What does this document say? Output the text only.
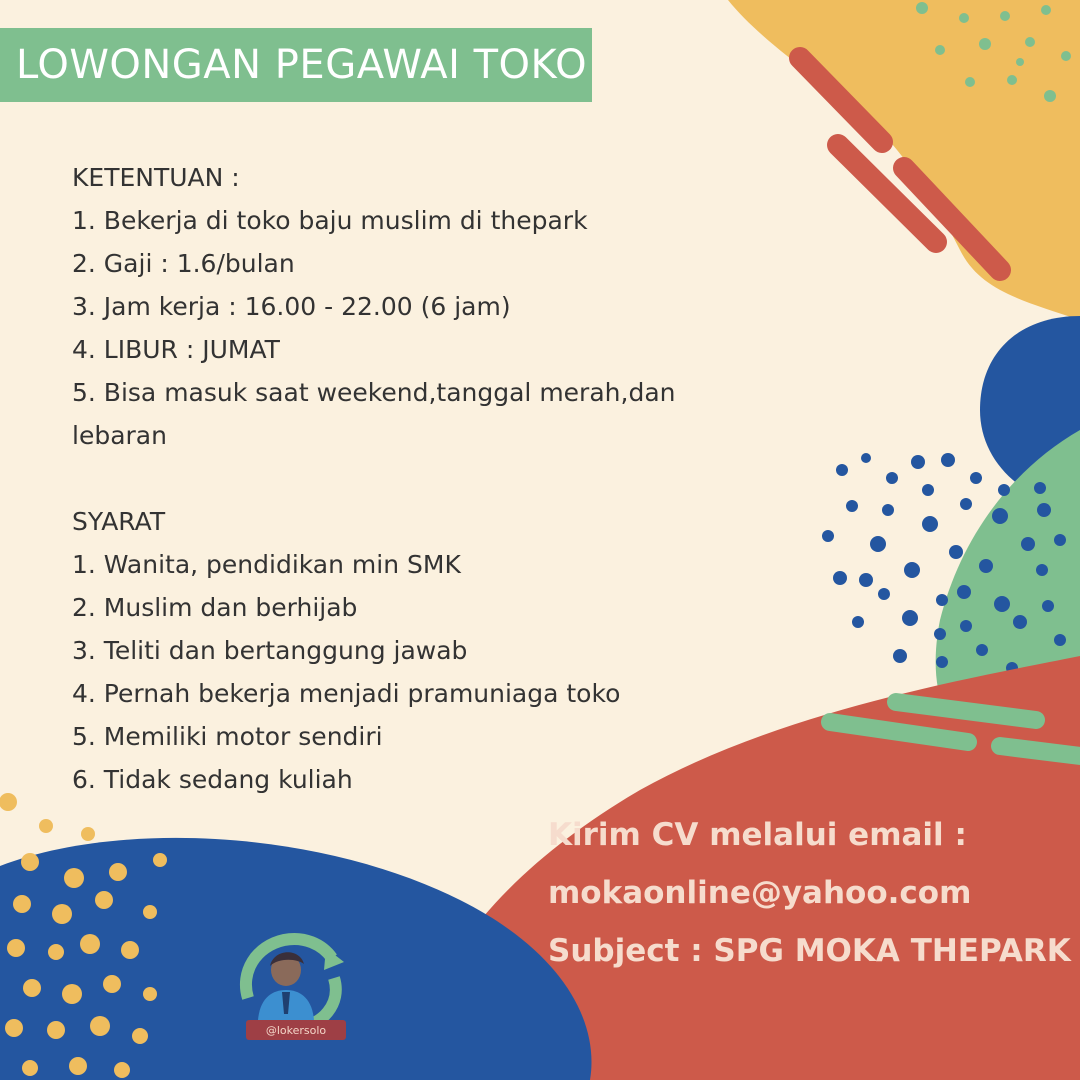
LOWONGAN PEGAWAI TOKO
KETENTUAN :
1. Bekerja di toko baju muslim di thepark
2. Gaji : 1.6/bulan
3. Jam kerja : 16.00 - 22.00 (6 jam)
4. LIBUR : JUMAT
5. Bisa masuk saat weekend,tanggal merah,dan lebaran
SYARAT
1. Wanita, pendidikan min SMK
2. Muslim dan berhijab
3. Teliti dan bertanggung jawab
4. Pernah bekerja menjadi pramuniaga toko
5. Memiliki motor sendiri
6. Tidak sedang kuliah
Kirim CV melalui email :
mokaonline@yahoo.com
Subject : SPG MOKA THEPARK
@lokersolo
